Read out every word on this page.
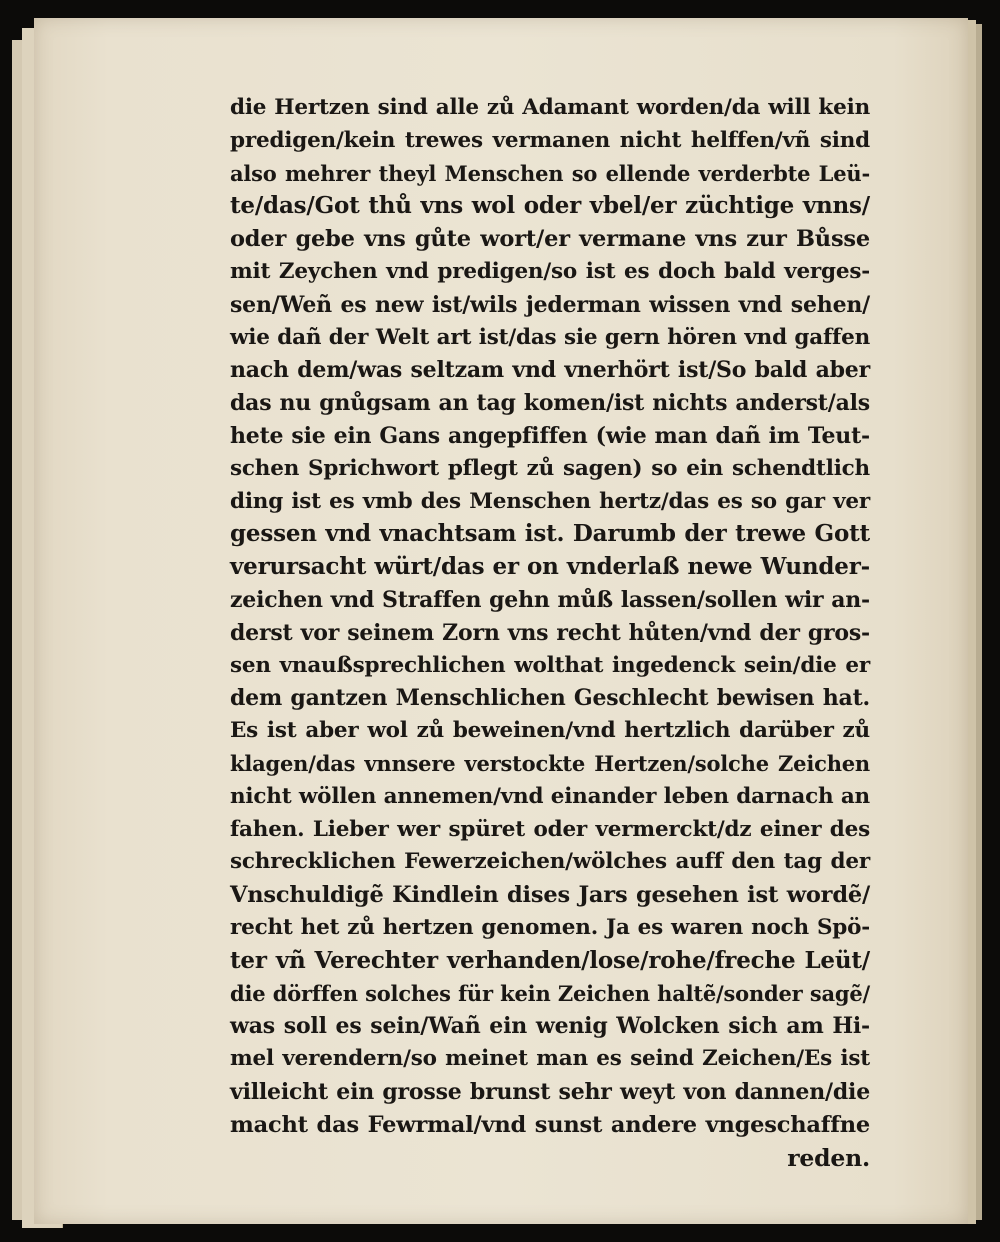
die Hertzen sind alle zů Adamant worden/da will kein
predigen/kein trewes vermanen nicht helffen/vñ sind
also mehrer theyl Menschen so ellende verderbte Leü-
te/das/Got thů vns wol oder vbel/er züchtige vnns/
oder gebe vns gůte wort/er vermane vns zur Bůsse
mit Zeychen vnd predigen/so ist es doch bald verges-
sen/Weñ es new ist/wils jederman wissen vnd sehen/
wie dañ der Welt art ist/das sie gern hören vnd gaffen
nach dem/was seltzam vnd vnerhört ist/So bald aber
das nu gnůgsam an tag komen/ist nichts anderst/als
hete sie ein Gans angepfiffen (wie man dañ im Teut-
schen Sprichwort pflegt zů sagen) so ein schendtlich
ding ist es vmb des Menschen hertz/das es so gar ver
gessen vnd vnachtsam ist. Darumb der trewe Gott
verursacht würt/das er on vnderlaß newe Wunder-
zeichen vnd Straffen gehn můß lassen/sollen wir an-
derst vor seinem Zorn vns recht hůten/vnd der gros-
sen vnaußsprechlichen wolthat ingedenck sein/die er
dem gantzen Menschlichen Geschlecht bewisen hat.
Es ist aber wol zů beweinen/vnd hertzlich darüber zů
klagen/das vnnsere verstockte Hertzen/solche Zeichen
nicht wöllen annemen/vnd einander leben darnach an
fahen. Lieber wer spüret oder vermerckt/dz einer des
schrecklichen Fewerzeichen/wölches auff den tag der
Vnschuldigẽ Kindlein dises Jars gesehen ist wordẽ/
recht het zů hertzen genomen. Ja es waren noch Spö-
ter vñ Verechter verhanden/lose/rohe/freche Leüt/
die dörffen solches für kein Zeichen haltẽ/sonder sagẽ/
was soll es sein/Wañ ein wenig Wolcken sich am Hi-
mel verendern/so meinet man es seind Zeichen/Es ist
villeicht ein grosse brunst sehr weyt von dannen/die
macht das Fewrmal/vnd sunst andere vngeschaffne
reden.
